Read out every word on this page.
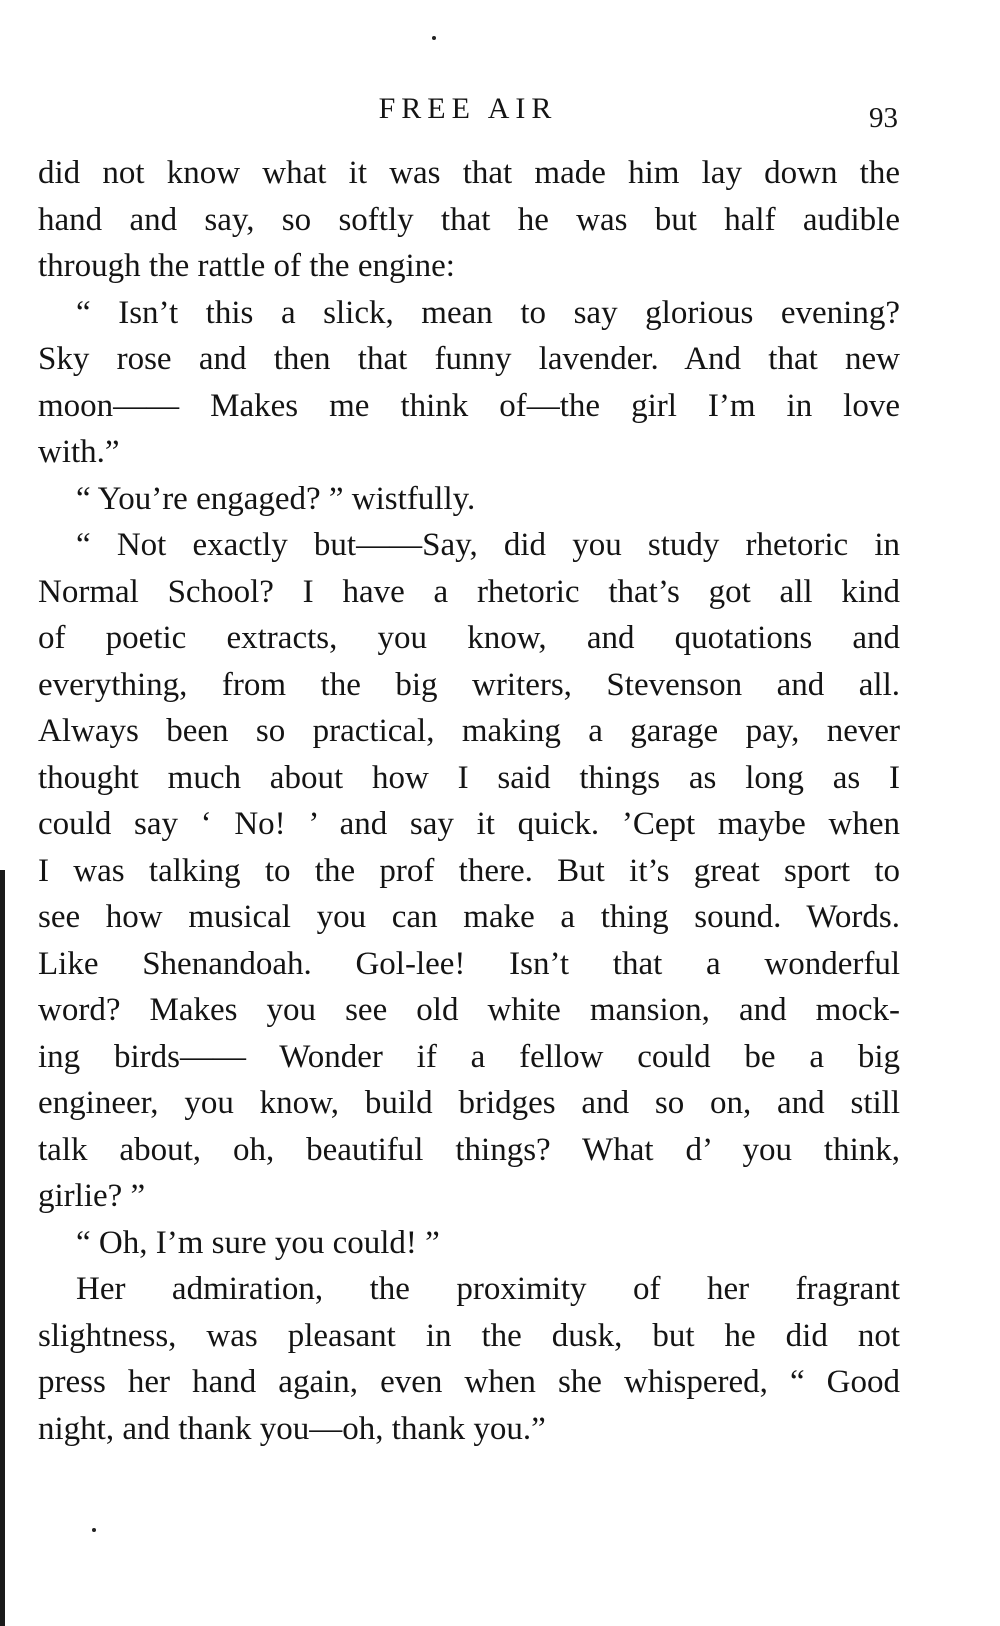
FREE AIR	93
did not know what it was that made him lay down the
hand and say, so softly that he was but half audible
through the rattle of the engine:
“ Isn’t this a slick, mean to say glorious evening?
Sky rose and then that funny lavender. And that new
moon—— Makes me think of—the girl I’m in love
with.”
“ You’re engaged? ” wistfully.
“ Not exactly but——Say, did you study rhetoric in
Normal School? I have a rhetoric that’s got all kind
of poetic extracts, you know, and quotations and
everything, from the big writers, Stevenson and all.
Always been so practical, making a garage pay, never
thought much about how I said things as long as I
could say ‘ No! ’ and say it quick. ’Cept maybe when
I was talking to the prof there. But it’s great sport to
see how musical you can make a thing sound. Words.
Like Shenandoah. Gol-lee! Isn’t that a wonderful
word? Makes you see old white mansion, and mock-
ing birds—— Wonder if a fellow could be a big
engineer, you know, build bridges and so on, and still
talk about, oh, beautiful things? What d’ you think,
girlie? ”
“ Oh, I’m sure you could! ”
Her admiration, the proximity of her fragrant
slightness, was pleasant in the dusk, but he did not
press her hand again, even when she whispered, “ Good
night, and thank you—oh, thank you.”
